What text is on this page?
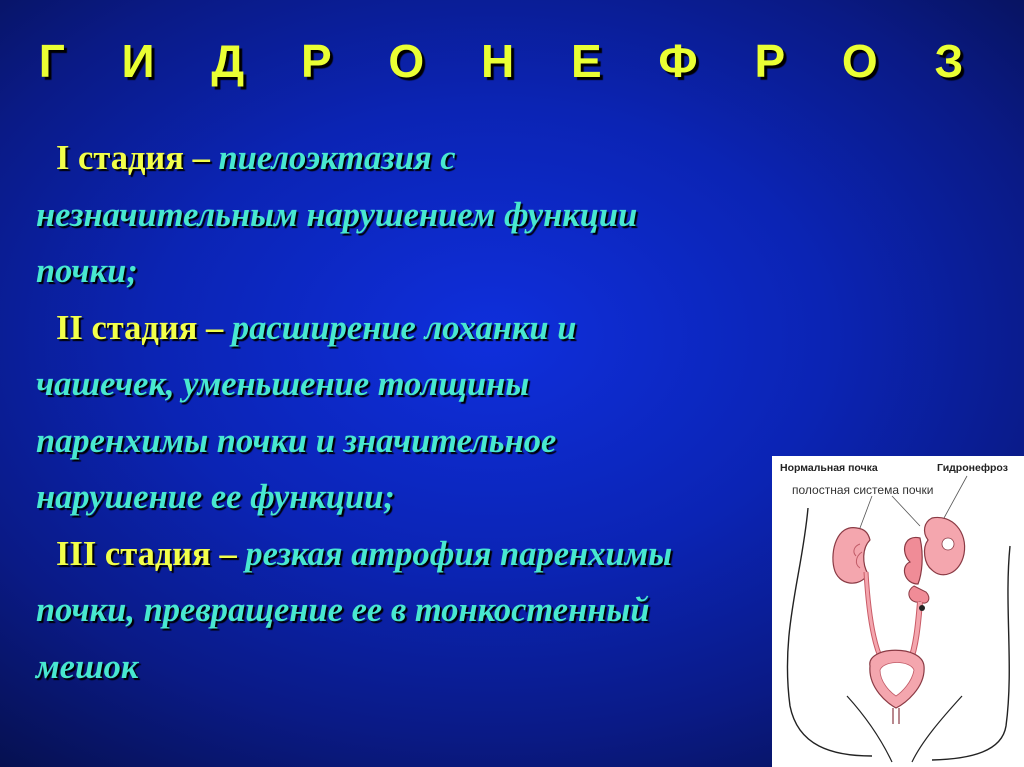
Г И Д Р О Н Е Ф Р О З
I стадия – пиелоэктазия с
незначительным нарушением функции
почки;
II стадия – расширение лоханки и
чашечек, уменьшение толщины
паренхимы почки и значительное
нарушение ее функции;
III стадия – резкая атрофия паренхимы
почки, превращение ее в тонкостенный
мешок
Нормальная почка	Гидронефроз
полостная система почки
